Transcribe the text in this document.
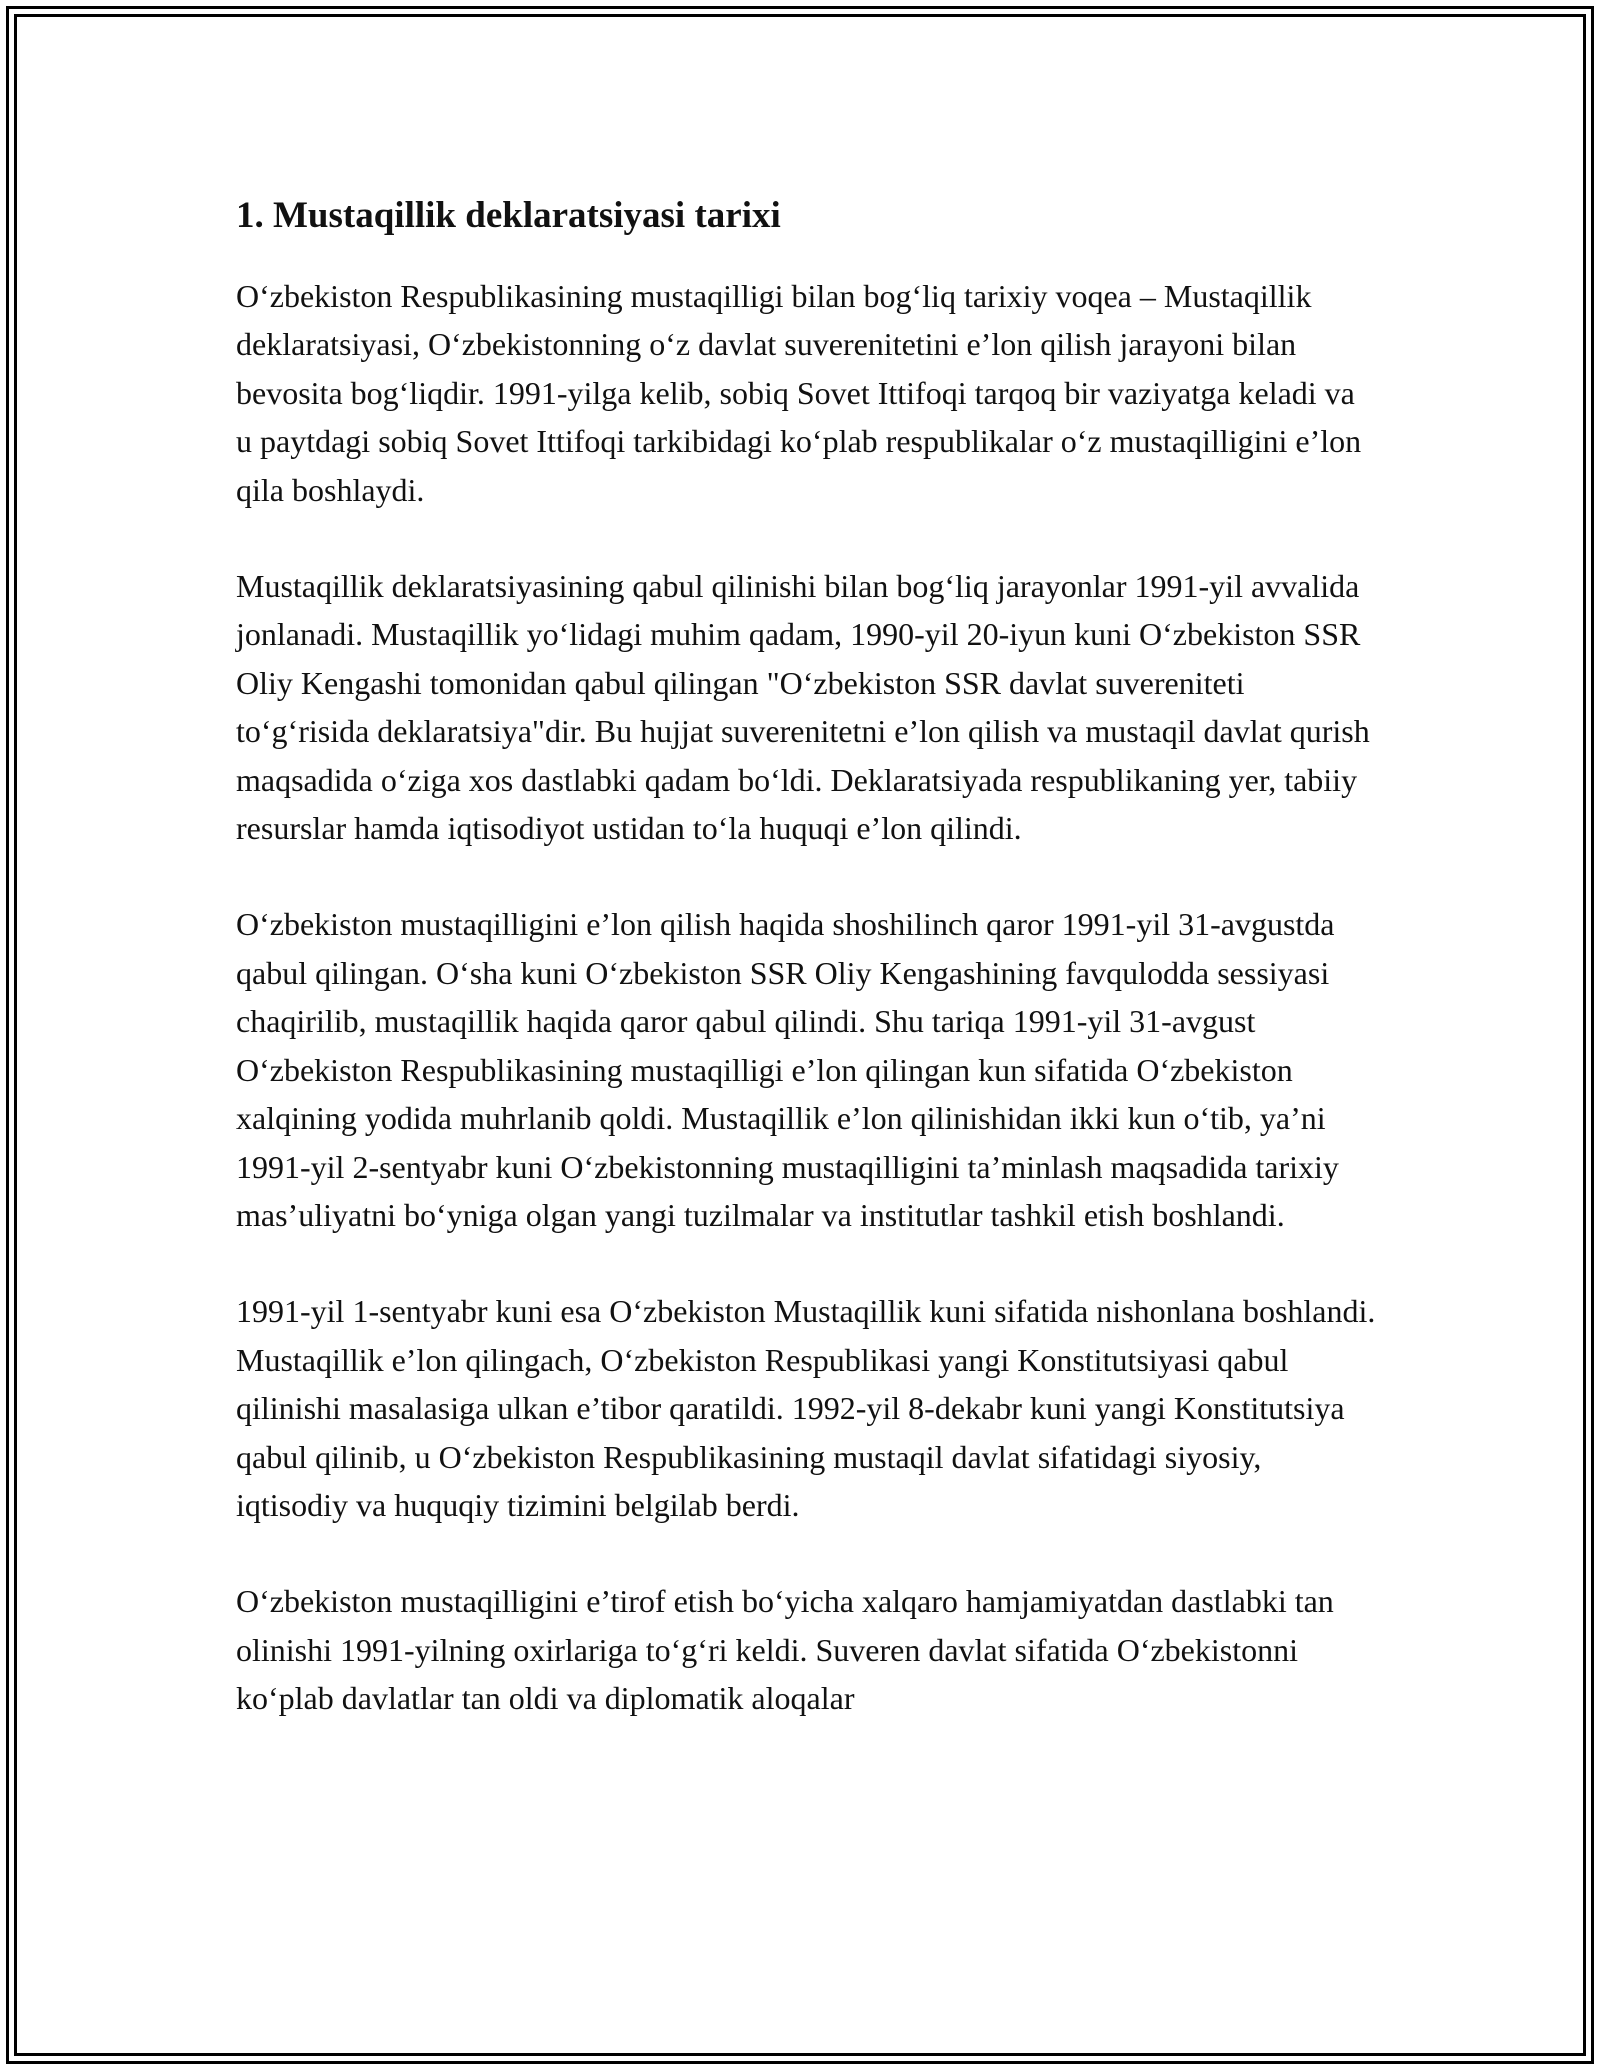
1. Mustaqillik deklaratsiyasi tarixi

O‘zbekiston Respublikasining mustaqilligi bilan bog‘liq tarixiy voqea – Mustaqillik deklaratsiyasi, O‘zbekistonning o‘z davlat suverenitetini e’lon qilish jarayoni bilan bevosita bog‘liqdir. 1991-yilga kelib, sobiq Sovet Ittifoqi tarqoq bir vaziyatga keladi va u paytdagi sobiq Sovet Ittifoqi tarkibidagi ko‘plab respublikalar o‘z mustaqilligini e’lon qila boshlaydi.

Mustaqillik deklaratsiyasining qabul qilinishi bilan bog‘liq jarayonlar 1991-yil avvalida jonlanadi. Mustaqillik yo‘lidagi muhim qadam, 1990-yil 20-iyun kuni O‘zbekiston SSR Oliy Kengashi tomonidan qabul qilingan "O‘zbekiston SSR davlat suvereniteti to‘g‘risida deklaratsiya"dir. Bu hujjat suverenitetni e’lon qilish va mustaqil davlat qurish maqsadida o‘ziga xos dastlabki qadam bo‘ldi. Deklaratsiyada respublikaning yer, tabiiy resurslar hamda iqtisodiyot ustidan to‘la huquqi e’lon qilindi.

O‘zbekiston mustaqilligini e’lon qilish haqida shoshilinch qaror 1991-yil 31-avgustda qabul qilingan. O‘sha kuni O‘zbekiston SSR Oliy Kengashining favqulodda sessiyasi chaqirilib, mustaqillik haqida qaror qabul qilindi. Shu tariqa 1991-yil 31-avgust O‘zbekiston Respublikasining mustaqilligi e’lon qilingan kun sifatida O‘zbekiston xalqining yodida muhrlanib qoldi. Mustaqillik e’lon qilinishidan ikki kun o‘tib, ya’ni 1991-yil 2-sentyabr kuni O‘zbekistonning mustaqilligini ta’minlash maqsadida tarixiy mas’uliyatni bo‘yniga olgan yangi tuzilmalar va institutlar tashkil etish boshlandi.

1991-yil 1-sentyabr kuni esa O‘zbekiston Mustaqillik kuni sifatida nishonlana boshlandi. Mustaqillik e’lon qilingach, O‘zbekiston Respublikasi yangi Konstitutsiyasi qabul qilinishi masalasiga ulkan e’tibor qaratildi. 1992-yil 8-dekabr kuni yangi Konstitutsiya qabul qilinib, u O‘zbekiston Respublikasining mustaqil davlat sifatidagi siyosiy, iqtisodiy va huquqiy tizimini belgilab berdi.

O‘zbekiston mustaqilligini e’tirof etish bo‘yicha xalqaro hamjamiyatdan dastlabki tan olinishi 1991-yilning oxirlariga to‘g‘ri keldi. Suveren davlat sifatida O‘zbekistonni ko‘plab davlatlar tan oldi va diplomatik aloqalar
